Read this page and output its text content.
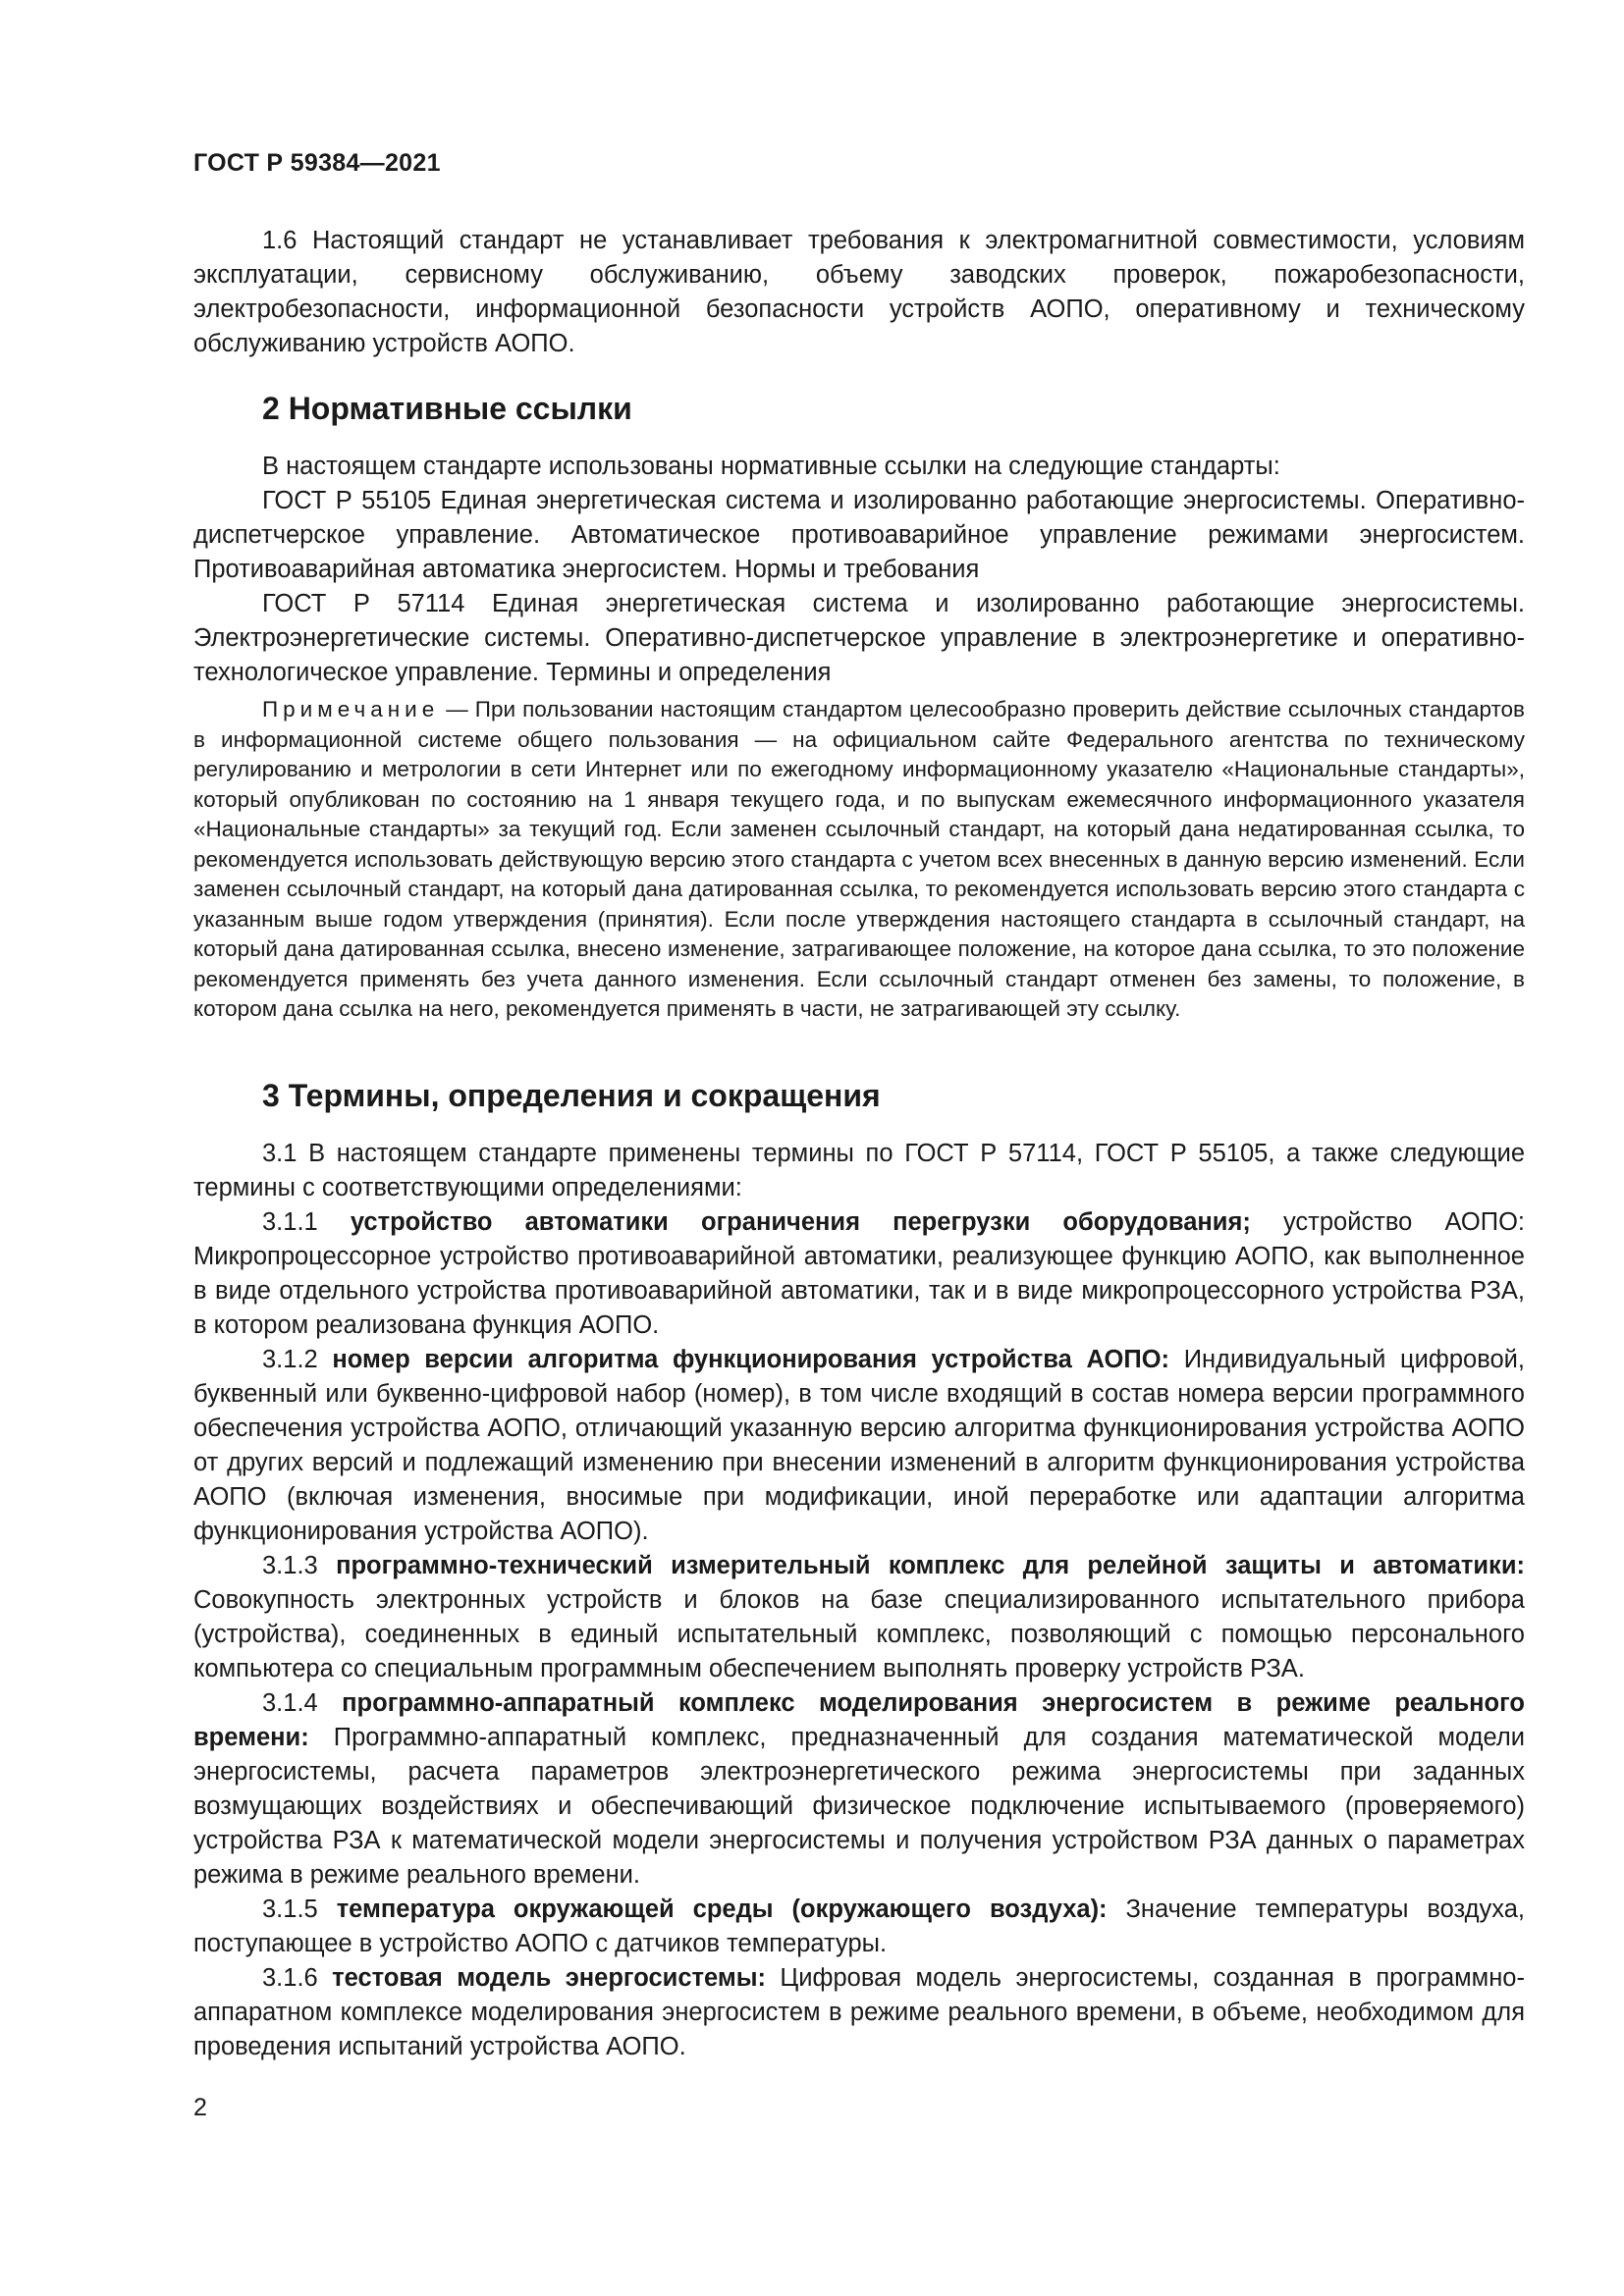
ГОСТ Р 59384—2021

1.6 Настоящий стандарт не устанавливает требования к электромагнитной совместимости, условиям эксплуатации, сервисному обслуживанию, объему заводских проверок, пожаробезопасности, электробезопасности, информационной безопасности устройств АОПО, оперативному и техническому обслуживанию устройств АОПО.

2 Нормативные ссылки

В настоящем стандарте использованы нормативные ссылки на следующие стандарты:

ГОСТ Р 55105 Единая энергетическая система и изолированно работающие энергосистемы. Оперативно-диспетчерское управление. Автоматическое противоаварийное управление режимами энергосистем. Противоаварийная автоматика энергосистем. Нормы и требования

ГОСТ Р 57114 Единая энергетическая система и изолированно работающие энергосистемы. Электроэнергетические системы. Оперативно-диспетчерское управление в электроэнергетике и оперативно-технологическое управление. Термины и определения

Примечание — При пользовании настоящим стандартом целесообразно проверить действие ссылочных стандартов в информационной системе общего пользования — на официальном сайте Федерального агентства по техническому регулированию и метрологии в сети Интернет или по ежегодному информационному указателю «Национальные стандарты», который опубликован по состоянию на 1 января текущего года, и по выпускам ежемесячного информационного указателя «Национальные стандарты» за текущий год. Если заменен ссылочный стандарт, на который дана недатированная ссылка, то рекомендуется использовать действующую версию этого стандарта с учетом всех внесенных в данную версию изменений. Если заменен ссылочный стандарт, на который дана датированная ссылка, то рекомендуется использовать версию этого стандарта с указанным выше годом утверждения (принятия). Если после утверждения настоящего стандарта в ссылочный стандарт, на который дана датированная ссылка, внесено изменение, затрагивающее положение, на которое дана ссылка, то это положение рекомендуется применять без учета данного изменения. Если ссылочный стандарт отменен без замены, то положение, в котором дана ссылка на него, рекомендуется применять в части, не затрагивающей эту ссылку.

3 Термины, определения и сокращения

3.1 В настоящем стандарте применены термины по ГОСТ Р 57114, ГОСТ Р 55105, а также следующие термины с соответствующими определениями:

3.1.1 устройство автоматики ограничения перегрузки оборудования; устройство АОПО: Микропроцессорное устройство противоаварийной автоматики, реализующее функцию АОПО, как выполненное в виде отдельного устройства противоаварийной автоматики, так и в виде микропроцессорного устройства РЗА, в котором реализована функция АОПО.

3.1.2 номер версии алгоритма функционирования устройства АОПО: Индивидуальный цифровой, буквенный или буквенно-цифровой набор (номер), в том числе входящий в состав номера версии программного обеспечения устройства АОПО, отличающий указанную версию алгоритма функционирования устройства АОПО от других версий и подлежащий изменению при внесении изменений в алгоритм функционирования устройства АОПО (включая изменения, вносимые при модификации, иной переработке или адаптации алгоритма функционирования устройства АОПО).

3.1.3 программно-технический измерительный комплекс для релейной защиты и автоматики: Совокупность электронных устройств и блоков на базе специализированного испытательного прибора (устройства), соединенных в единый испытательный комплекс, позволяющий с помощью персонального компьютера со специальным программным обеспечением выполнять проверку устройств РЗА.

3.1.4 программно-аппаратный комплекс моделирования энергосистем в режиме реального времени: Программно-аппаратный комплекс, предназначенный для создания математической модели энергосистемы, расчета параметров электроэнергетического режима энергосистемы при заданных возмущающих воздействиях и обеспечивающий физическое подключение испытываемого (проверяемого) устройства РЗА к математической модели энергосистемы и получения устройством РЗА данных о параметрах режима в режиме реального времени.

3.1.5 температура окружающей среды (окружающего воздуха): Значение температуры воздуха, поступающее в устройство АОПО с датчиков температуры.

3.1.6 тестовая модель энергосистемы: Цифровая модель энергосистемы, созданная в программно-аппаратном комплексе моделирования энергосистем в режиме реального времени, в объеме, необходимом для проведения испытаний устройства АОПО.

2
